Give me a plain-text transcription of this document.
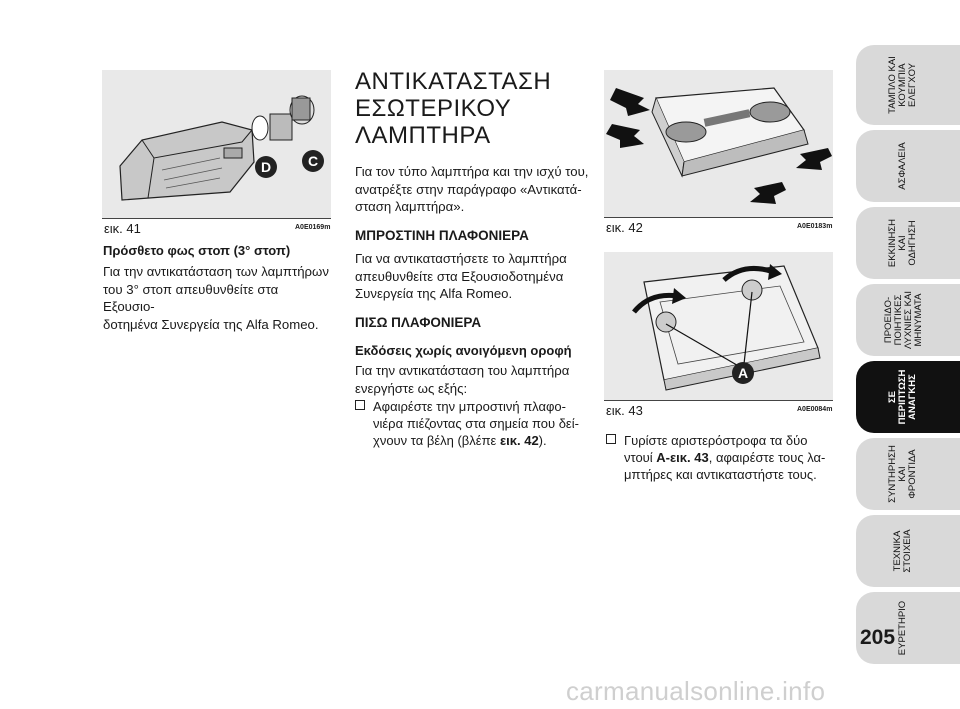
D	C
εικ. 41	A0E0169m
Πρόσθετο φως στοπ (3° στοπ)
Για την αντικατάσταση των λαμπτήρων
του 3° στοπ απευθυνθείτε στα Εξουσιο-
δοτημένα Συνεργεία της Alfa Romeo.
ΑΝΤΙΚΑΤΑΣΤΑΣΗ
ΕΣΩΤΕΡΙΚΟΥ
ΛΑΜΠΤΗΡΑ
Για τον τύπο λαμπτήρα και την ισχύ του,
ανατρέξτε στην παράγραφο «Αντικατά-
σταση λαμπτήρα».
ΜΠΡΟΣΤΙΝΗ ΠΛΑΦΟΝΙΕΡΑ
Για να αντικαταστήσετε το λαμπτήρα
απευθυνθείτε στα Εξουσιοδοτημένα
Συνεργεία της Alfa Romeo.
ΠΙΣΩ ΠΛΑΦΟΝΙΕΡΑ
Εκδόσεις χωρίς ανοιγόμενη οροφή
Για την αντικατάσταση του λαμπτήρα
ενεργήστε ως εξής:
Αφαιρέστε την μπροστινή πλαφο-
νιέρα πιέζοντας στα σημεία που δεί-
χνουν τα βέλη (βλέπε εικ. 42).
εικ. 42	A0E0183m
A
εικ. 43	A0E0084m
Γυρίστε αριστερόστροφα τα δύο
ντουί A-εικ. 43, αφαιρέστε τους λα-
μπτήρες και αντικαταστήστε τους.
ΤΑΜΠΛΟ ΚΑΙ ΚΟΥΜΠΙΑ ΕΛΕΓΧΟΥ
ΑΣΦΑΛΕΙΑ
ΕΚΚΙΝΗΣΗ ΚΑΙ ΟΔΗΓΗΣΗ
ΠΡΟΕΙΔΟ- ΠΟΙΗΤΙΚΕΣ ΛΥΧΝΙΕΣ ΚΑΙ ΜΗΝΥΜΑΤΑ
ΣΕ ΠΕΡΙΠΤΩΣΗ ΑΝΑΓΚΗΣ
ΣΥΝΤΗΡΗΣΗ ΚΑΙ ΦΡΟΝΤΙΔΑ
ΤΕΧΝΙΚΑ ΣΤΟΙΧΕΙΑ
ΕΥΡΕΤΗΡΙΟ
205
carmanualsonline.info
